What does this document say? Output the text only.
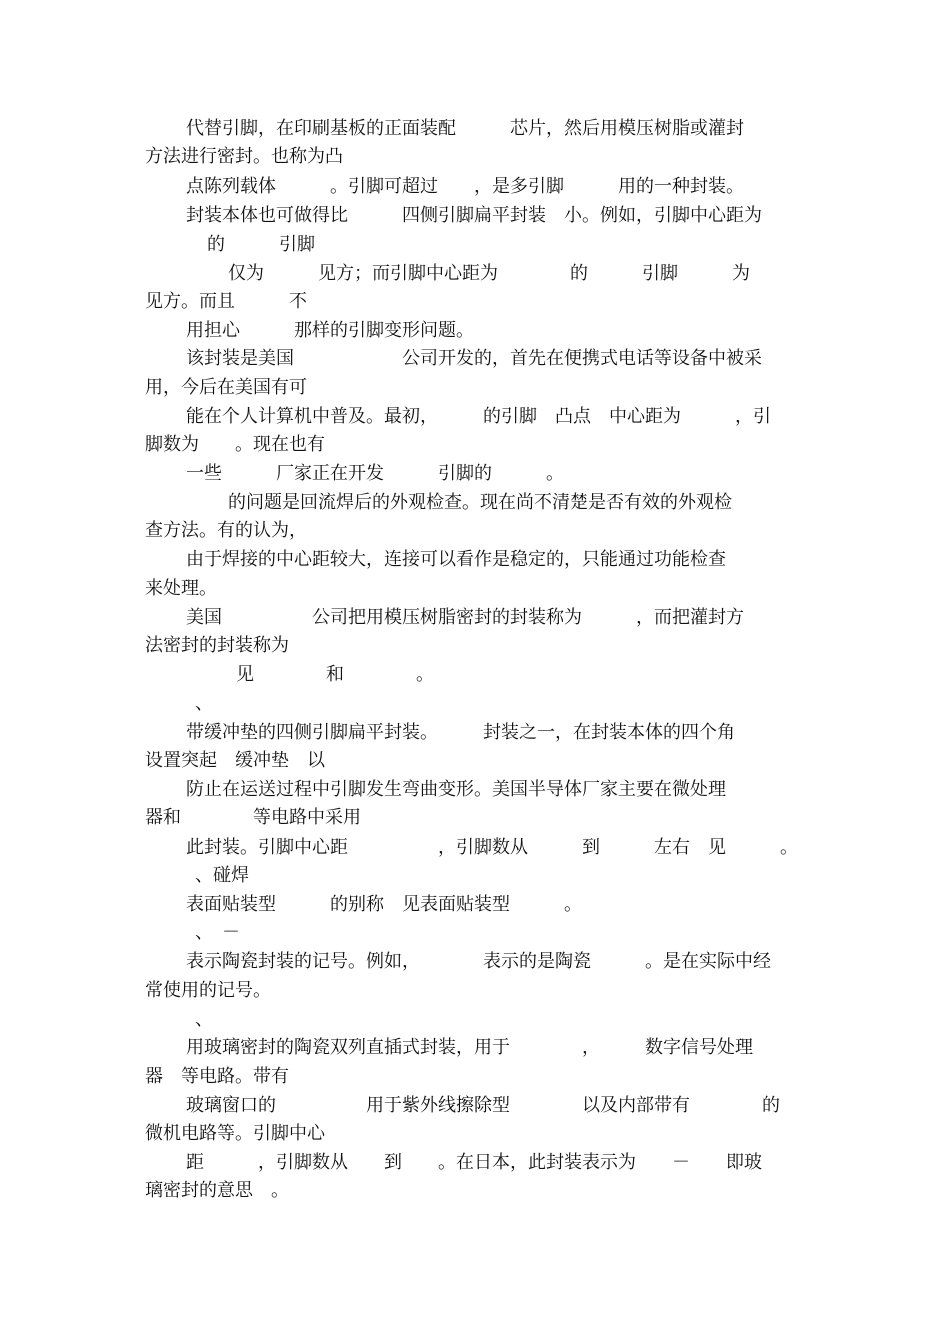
代替引脚，在印刷基板的正面装配　　　芯片，然后用模压树脂或灌封

方法进行密封。也称为凸

点陈列载体　　　。引脚可超过　　，是多引脚　　　用的一种封装。

封装本体也可做得比　　　四侧引脚扁平封装　小。例如，引脚中心距为

的　　　引脚

仅为　　　见方；而引脚中心距为　　　　的　　　引脚　　　为

见方。而且　　　不

用担心　　　那样的引脚变形问题。

该封装是美国　　　　　　公司开发的，首先在便携式电话等设备中被采

用，今后在美国有可

能在个人计算机中普及。最初，　　　的引脚　凸点　中心距为　　　，引

脚数为　　。现在也有

一些　　　厂家正在开发　　　引脚的　　　。

的问题是回流焊后的外观检查。现在尚不清楚是否有效的外观检

查方法。有的认为，

由于焊接的中心距较大，连接可以看作是稳定的，只能通过功能检查

来处理。

美国　　　　　公司把用模压树脂密封的封装称为　　　，而把灌封方

法密封的封装称为

见　　　　和　　　　。

、

带缓冲垫的四侧引脚扁平封装。　　　封装之一，在封装本体的四个角

设置突起　缓冲垫　以

防止在运送过程中引脚发生弯曲变形。美国半导体厂家主要在微处理

器和　　　　等电路中采用

此封装。引脚中心距　　　　　，引脚数从　　　到　　　左右　见　　　。

、碰焊

表面贴装型　　　的别称　见表面贴装型　　　。

、　－

表示陶瓷封装的记号。例如，　　　　表示的是陶瓷　　　。是在实际中经

常使用的记号。

、

用玻璃密封的陶瓷双列直插式封装，用于　　　　，　　　数字信号处理

器　等电路。带有

玻璃窗口的　　　　　用于紫外线擦除型　　　　以及内部带有　　　　的

微机电路等。引脚中心

距　　　，引脚数从　　到　　。在日本，此封装表示为　　－　　即玻

璃密封的意思　。
